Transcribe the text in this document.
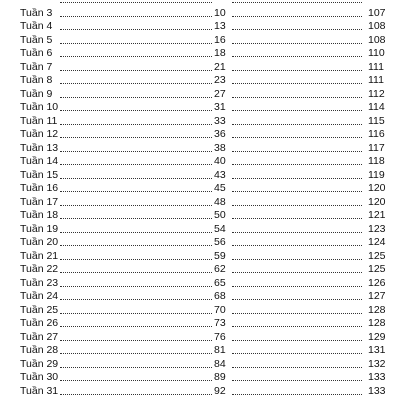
Tuần 3	10	107
Tuần 4	13	108
Tuần 5	16	108
Tuần 6	18	110
Tuần 7	21	111
Tuần 8	23	111
Tuần 9	27	112
Tuần 10	31	114
Tuần 11	33	115
Tuần 12	36	116
Tuần 13	38	117
Tuần 14	40	118
Tuần 15	43	119
Tuần 16	45	120
Tuần 17	48	120
Tuần 18	50	121
Tuần 19	54	123
Tuần 20	56	124
Tuần 21	59	125
Tuần 22	62	125
Tuần 23	65	126
Tuần 24	68	127
Tuần 25	70	128
Tuần 26	73	128
Tuần 27	76	129
Tuần 28	81	131
Tuần 29	84	132
Tuần 30	89	133
Tuần 31	92	133
